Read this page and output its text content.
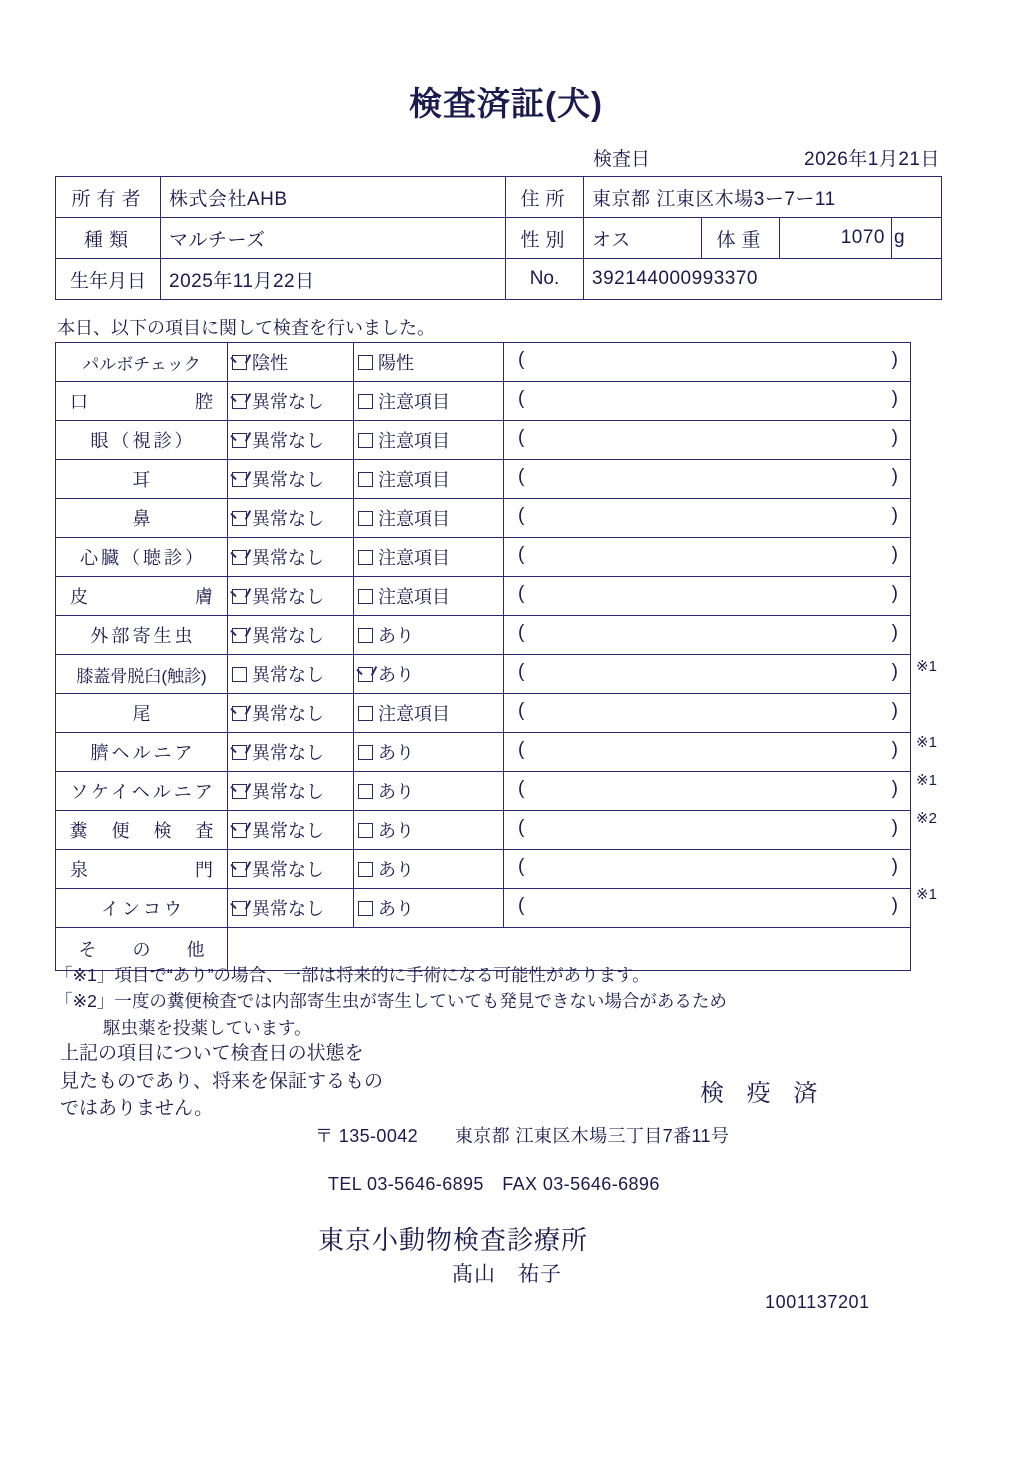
検査済証(犬)
検査日	2026年1月21日
所有者	株式会社AHB	住所	東京都 江東区木場3ー7ー11			
種類	マルチーズ	性別	オス	体重	1070	g
生年月日	2025年11月22日	No.	392144000993370			
本日、以下の項目に関して検査を行いました。
パルボチェック	陰性	陽性	( )

口　　　　腔	異常なし	注意項目	( )

眼（視診）	異常なし	注意項目	( )

耳	異常なし	注意項目	( )

鼻	異常なし	注意項目	( )

心臓（聴診）	異常なし	注意項目	( )

皮　　　　膚	異常なし	注意項目	( )

外部寄生虫	異常なし	あり	( )

膝蓋骨脱臼(触診)	異常なし	あり	( )

尾	異常なし	注意項目	( )

臍ヘルニア	異常なし	あり	( )

ソケイヘルニア	異常なし	あり	( )

糞　便　検　査	異常なし	あり	( )

泉　　　　門	異常なし	あり	( )

インコウ	異常なし	あり	( )

そ　　の　　他			
「※1」項目で“あり”の場合、一部は将来的に手術になる可能性があります。
「※2」一度の糞便検査では内部寄生虫が寄生していても発見できない場合があるため
駆虫薬を投薬しています。
上記の項目について検査日の状態を
見たものであり、将来を保証するもの
ではありません。
検 疫 済
〒 135-0042　　東京都 江東区木場三丁目7番11号
TEL 03-5646-6895　FAX 03-5646-6896
東京小動物検査診療所
髙山　祐子
1001137201
※1
※1
※1
※2
※1
